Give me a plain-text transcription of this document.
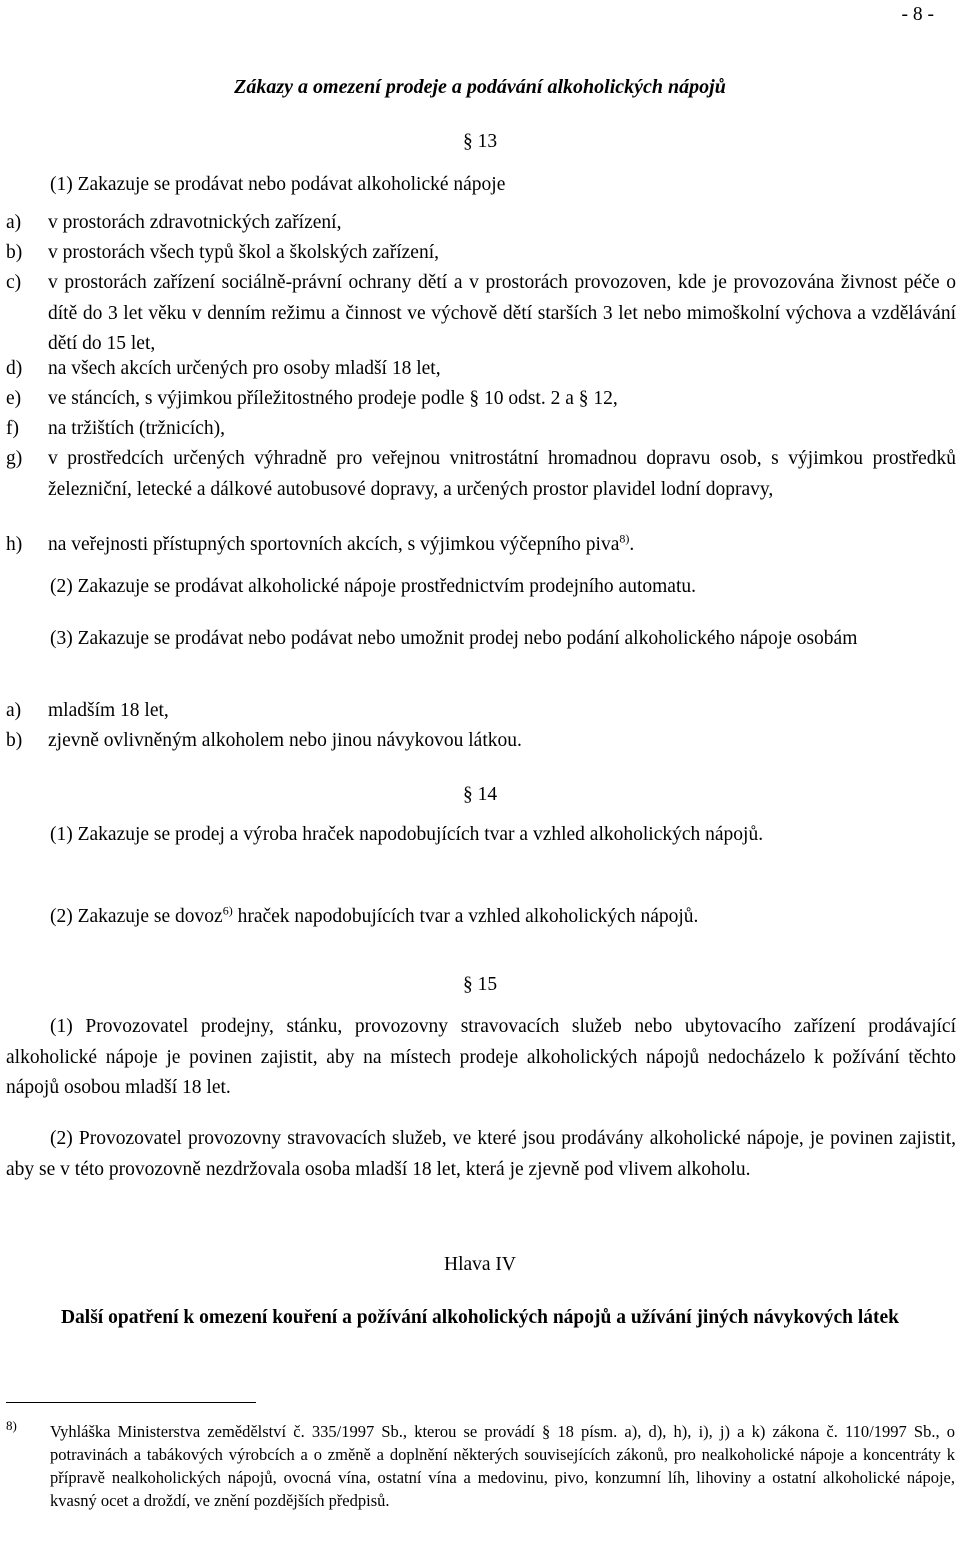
- 8 -
Zákazy a omezení prodeje a podávání alkoholických nápojů
§ 13
(1) Zakazuje se prodávat nebo podávat alkoholické nápoje
a) v prostorách zdravotnických zařízení,
b) v prostorách všech typů škol a školských zařízení,
c) v prostorách zařízení sociálně-právní ochrany dětí a v prostorách provozoven, kde je provozována živnost péče o dítě do 3 let věku v denním režimu a činnost ve výchově dětí starších 3 let nebo mimoškolní výchova a vzdělávání dětí do 15 let,
d) na všech akcích určených pro osoby mladší 18 let,
e) ve stáncích, s výjimkou příležitostného prodeje podle § 10 odst. 2 a § 12,
f) na tržištích (tržnicích),
g) v prostředcích určených výhradně pro veřejnou vnitrostátní hromadnou dopravu osob, s výjimkou prostředků železniční, letecké a dálkové autobusové dopravy, a určených prostor plavidel lodní dopravy,
h) na veřejnosti přístupných sportovních akcích, s výjimkou výčepního piva$^{8)}$.
(2) Zakazuje se prodávat alkoholické nápoje prostřednictvím prodejního automatu.
(3) Zakazuje se prodávat nebo podávat nebo umožnit prodej nebo podání alkoholického nápoje osobám
a) mladším 18 let,
b) zjevně ovlivněným alkoholem nebo jinou návykovou látkou.
§ 14
(1) Zakazuje se prodej a výroba hraček napodobujících tvar a vzhled alkoholických nápojů.
(2) Zakazuje se dovoz$^{6)}$ hraček napodobujících tvar a vzhled alkoholických nápojů.
§ 15
(1) Provozovatel prodejny, stánku, provozovny stravovacích služeb nebo ubytovacího zařízení prodávající alkoholické nápoje je povinen zajistit, aby na místech prodeje alkoholických nápojů nedocházelo k požívání těchto nápojů osobou mladší 18 let.
(2) Provozovatel provozovny stravovacích služeb, ve které jsou prodávány alkoholické nápoje, je povinen zajistit, aby se v této provozovně nezdržovala osoba mladší 18 let, která je zjevně pod vlivem alkoholu.
Hlava IV
Další opatření k omezení kouření a požívání alkoholických nápojů a užívání jiných návykových látek
8) Vyhláška Ministerstva zemědělství č. 335/1997 Sb., kterou se provádí § 18 písm. a), d), h), i), j) a k) zákona č. 110/1997 Sb., o potravinách a tabákových výrobcích a o změně a doplnění některých souvisejících zákonů, pro nealkoholické nápoje a koncentráty k přípravě nealkoholických nápojů, ovocná vína, ostatní vína a medovinu, pivo, konzumní líh, lihoviny a ostatní alkoholické nápoje, kvasný ocet a droždí, ve znění pozdějších předpisů.
